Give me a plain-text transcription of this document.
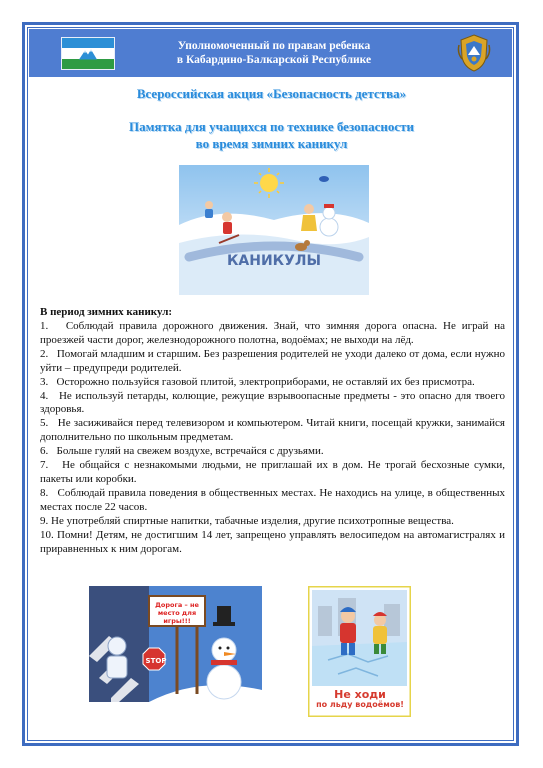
Уполномоченный по правам ребенка
в Кабардино-Балкарской Республике
Всероссийская акция «Безопасность детства»
Памятка для учащихся по технике безопасности
во время зимних каникул
КАНИКУЛЫ
В период зимних каникул:
1.   Соблюдай правила дорожного движения. Знай, что зимняя дорога опасна. Не играй на проезжей части дорог, железнодорожного полотна, водоёмах; не выходи на лёд.
2.   Помогай младшим и старшим. Без разрешения родителей не уходи далеко от дома, если нужно уйти – предупреди родителей.
3.   Осторожно пользуйся газовой плитой, электроприборами, не оставляй их без присмотра.
4.   Не используй петарды, колющие, режущие взрывоопасные предметы - это опасно для твоего здоровья.
5.   Не засиживайся перед телевизором и компьютером. Читай книги, посещай кружки, занимайся дополнительно по школьным предметам.
6.   Больше гуляй на свежем воздухе, встречайся с друзьями.
7.   Не общайся с незнакомыми людьми, не приглашай их в дом. Не трогай бесхозные сумки, пакеты или коробки.
8.   Соблюдай правила поведения в общественных местах. Не находись на улице, в общественных местах после 22 часов.
9. Не употребляй спиртные напитки, табачные изделия, другие психотропные вещества.
10. Помни! Детям, не достигшим 14 лет, запрещено управлять велосипедом на автомагистралях и приравненных к ним дорогам.
Дорога – не место для игры!!!
STOP
Не ходи
по льду водоёмов!
